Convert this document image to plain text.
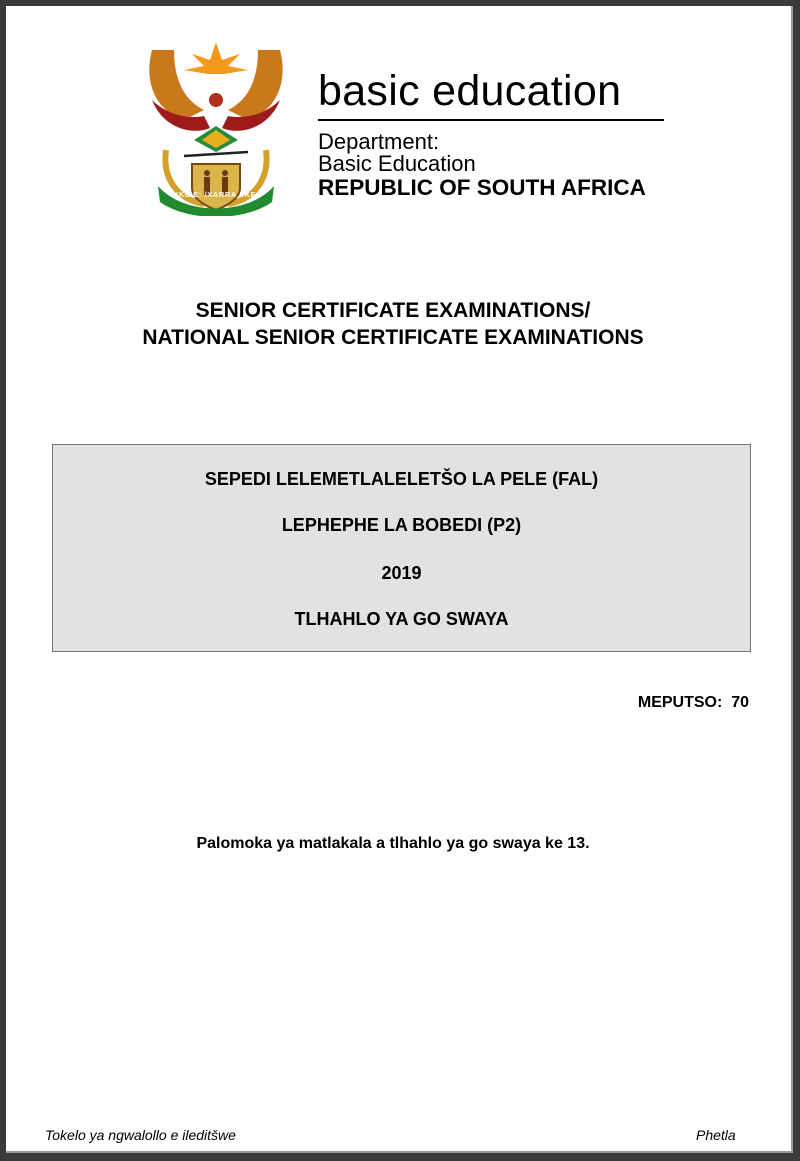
!KE E: /XARRA //KE
basic education
Department:
Basic Education
REPUBLIC OF SOUTH AFRICA
SENIOR CERTIFICATE EXAMINATIONS/
NATIONAL SENIOR CERTIFICATE EXAMINATIONS
SEPEDI LELEMETLALELETŠO LA PELE (FAL)
LEPHEPHE LA BOBEDI (P2)
2019
TLHAHLO YA GO SWAYA
MEPUTSO:  70
Palomoka ya matlakala a tlhahlo ya go swaya ke 13.
Tokelo ya ngwalollo e ileditšwe	Phetla
